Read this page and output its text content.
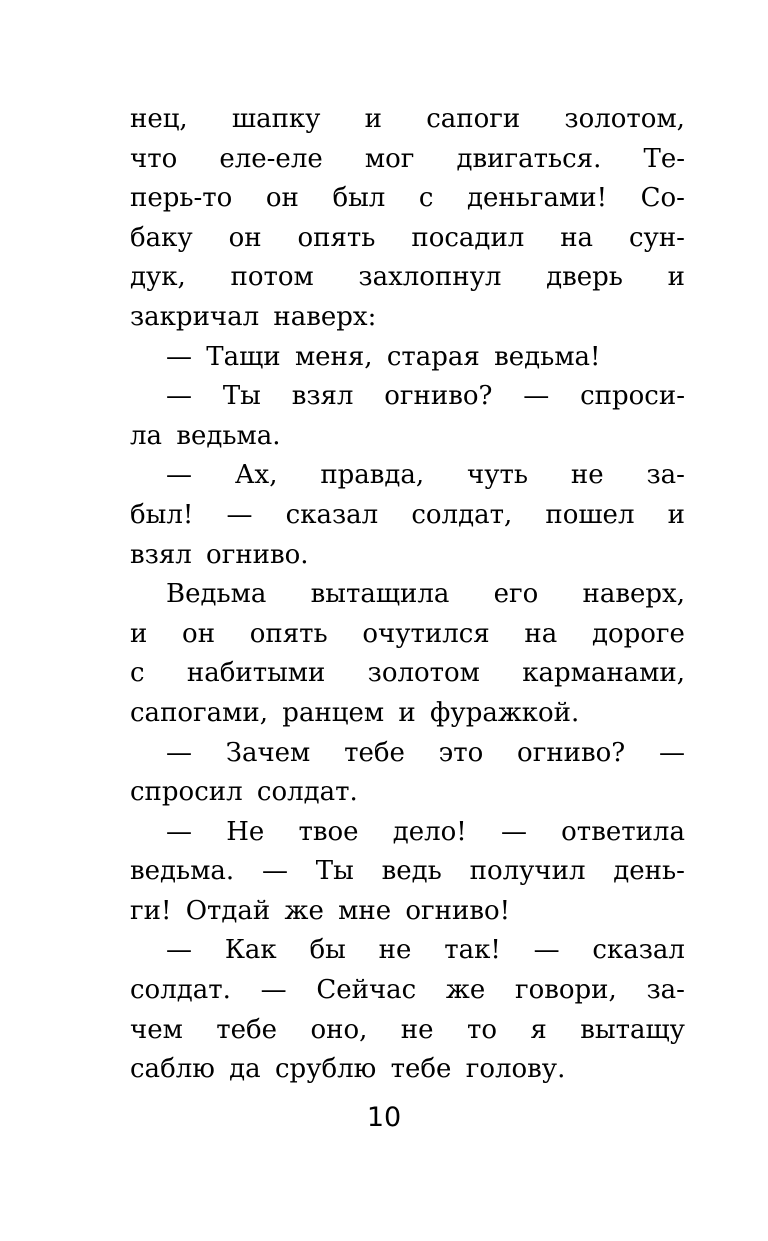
нец, шапку и сапоги золотом,
что еле-еле мог двигаться. Те-
перь-то он был с деньгами! Со-
баку он опять посадил на сун-
дук, потом захлопнул дверь и
закричал наверх:
— Тащи меня, старая ведьма!
— Ты взял огниво? — спроси-
ла ведьма.
— Ах, правда, чуть не за-
был! — сказал солдат, пошел и
взял огниво.
Ведьма вытащила его наверх,
и он опять очутился на дороге
с набитыми золотом карманами,
сапогами, ранцем и фуражкой.
— Зачем тебе это огниво? —
спросил солдат.
— Не твое дело! — ответила
ведьма. — Ты ведь получил день-
ги! Отдай же мне огниво!
— Как бы не так! — сказал
солдат. — Сейчас же говори, за-
чем тебе оно, не то я вытащу
саблю да срублю тебе голову.
10
